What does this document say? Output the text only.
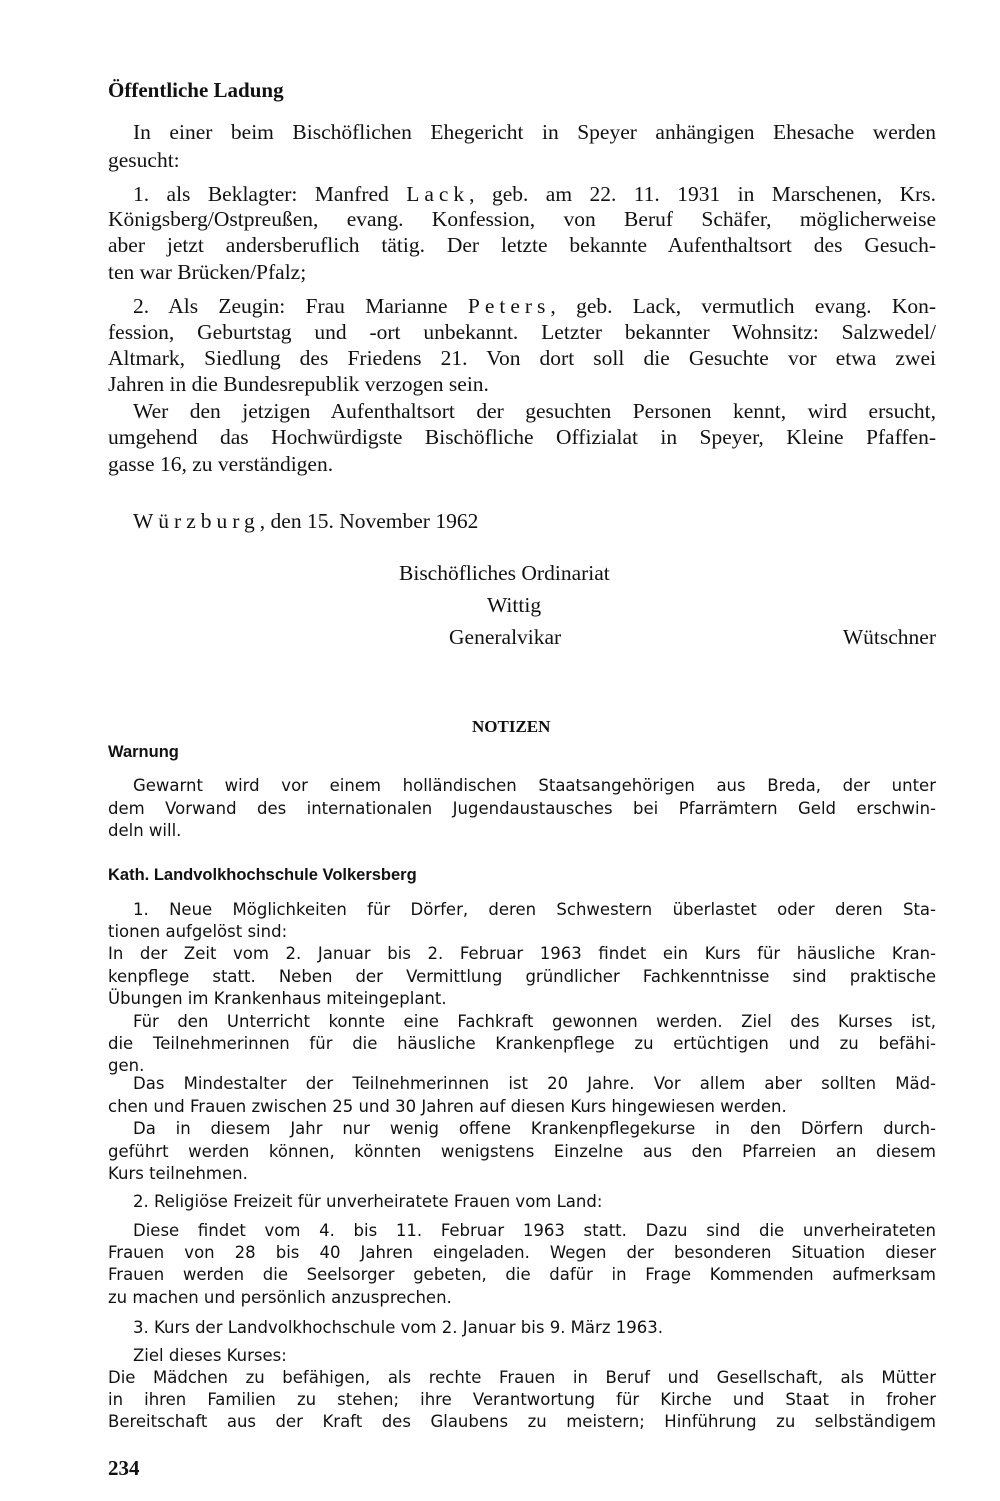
Öffentliche Ladung
In einer beim Bischöflichen Ehegericht in Speyer anhängigen Ehesache werden
gesucht:
1. als Beklagter: Manfred Lack, geb. am 22. 11. 1931 in Marschenen, Krs.
Königsberg/Ostpreußen, evang. Konfession, von Beruf Schäfer, möglicherweise
aber jetzt andersberuflich tätig. Der letzte bekannte Aufenthaltsort des Gesuch-
ten war Brücken/Pfalz;
2. Als Zeugin: Frau Marianne Peters, geb. Lack, vermutlich evang. Kon-
fession, Geburtstag und -ort unbekannt. Letzter bekannter Wohnsitz: Salzwedel/
Altmark, Siedlung des Friedens 21. Von dort soll die Gesuchte vor etwa zwei
Jahren in die Bundesrepublik verzogen sein.
Wer den jetzigen Aufenthaltsort der gesuchten Personen kennt, wird ersucht,
umgehend das Hochwürdigste Bischöfliche Offizialat in Speyer, Kleine Pfaffen-
gasse 16, zu verständigen.
Würzburg, den 15. November 1962
Bischöfliches Ordinariat
Wittig
Generalvikar	Wütschner
NOTIZEN
Warnung
Gewarnt wird vor einem holländischen Staatsangehörigen aus Breda, der unter
dem Vorwand des internationalen Jugendaustausches bei Pfarrämtern Geld erschwin-
deln will.
Kath. Landvolkhochschule Volkersberg
1. Neue Möglichkeiten für Dörfer, deren Schwestern überlastet oder deren Sta-
tionen aufgelöst sind:
In der Zeit vom 2. Januar bis 2. Februar 1963 findet ein Kurs für häusliche Kran-
kenpflege statt. Neben der Vermittlung gründlicher Fachkenntnisse sind praktische
Übungen im Krankenhaus miteingeplant.
Für den Unterricht konnte eine Fachkraft gewonnen werden. Ziel des Kurses ist,
die Teilnehmerinnen für die häusliche Krankenpflege zu ertüchtigen und zu befähi-
gen.
Das Mindestalter der Teilnehmerinnen ist 20 Jahre. Vor allem aber sollten Mäd-
chen und Frauen zwischen 25 und 30 Jahren auf diesen Kurs hingewiesen werden.
Da in diesem Jahr nur wenig offene Krankenpflegekurse in den Dörfern durch-
geführt werden können, könnten wenigstens Einzelne aus den Pfarreien an diesem
Kurs teilnehmen.
2. Religiöse Freizeit für unverheiratete Frauen vom Land:
Diese findet vom 4. bis 11. Februar 1963 statt. Dazu sind die unverheirateten
Frauen von 28 bis 40 Jahren eingeladen. Wegen der besonderen Situation dieser
Frauen werden die Seelsorger gebeten, die dafür in Frage Kommenden aufmerksam
zu machen und persönlich anzusprechen.
3. Kurs der Landvolkhochschule vom 2. Januar bis 9. März 1963.
Ziel dieses Kurses:
Die Mädchen zu befähigen, als rechte Frauen in Beruf und Gesellschaft, als Mütter
in ihren Familien zu stehen; ihre Verantwortung für Kirche und Staat in froher
Bereitschaft aus der Kraft des Glaubens zu meistern; Hinführung zu selbständigem
234
